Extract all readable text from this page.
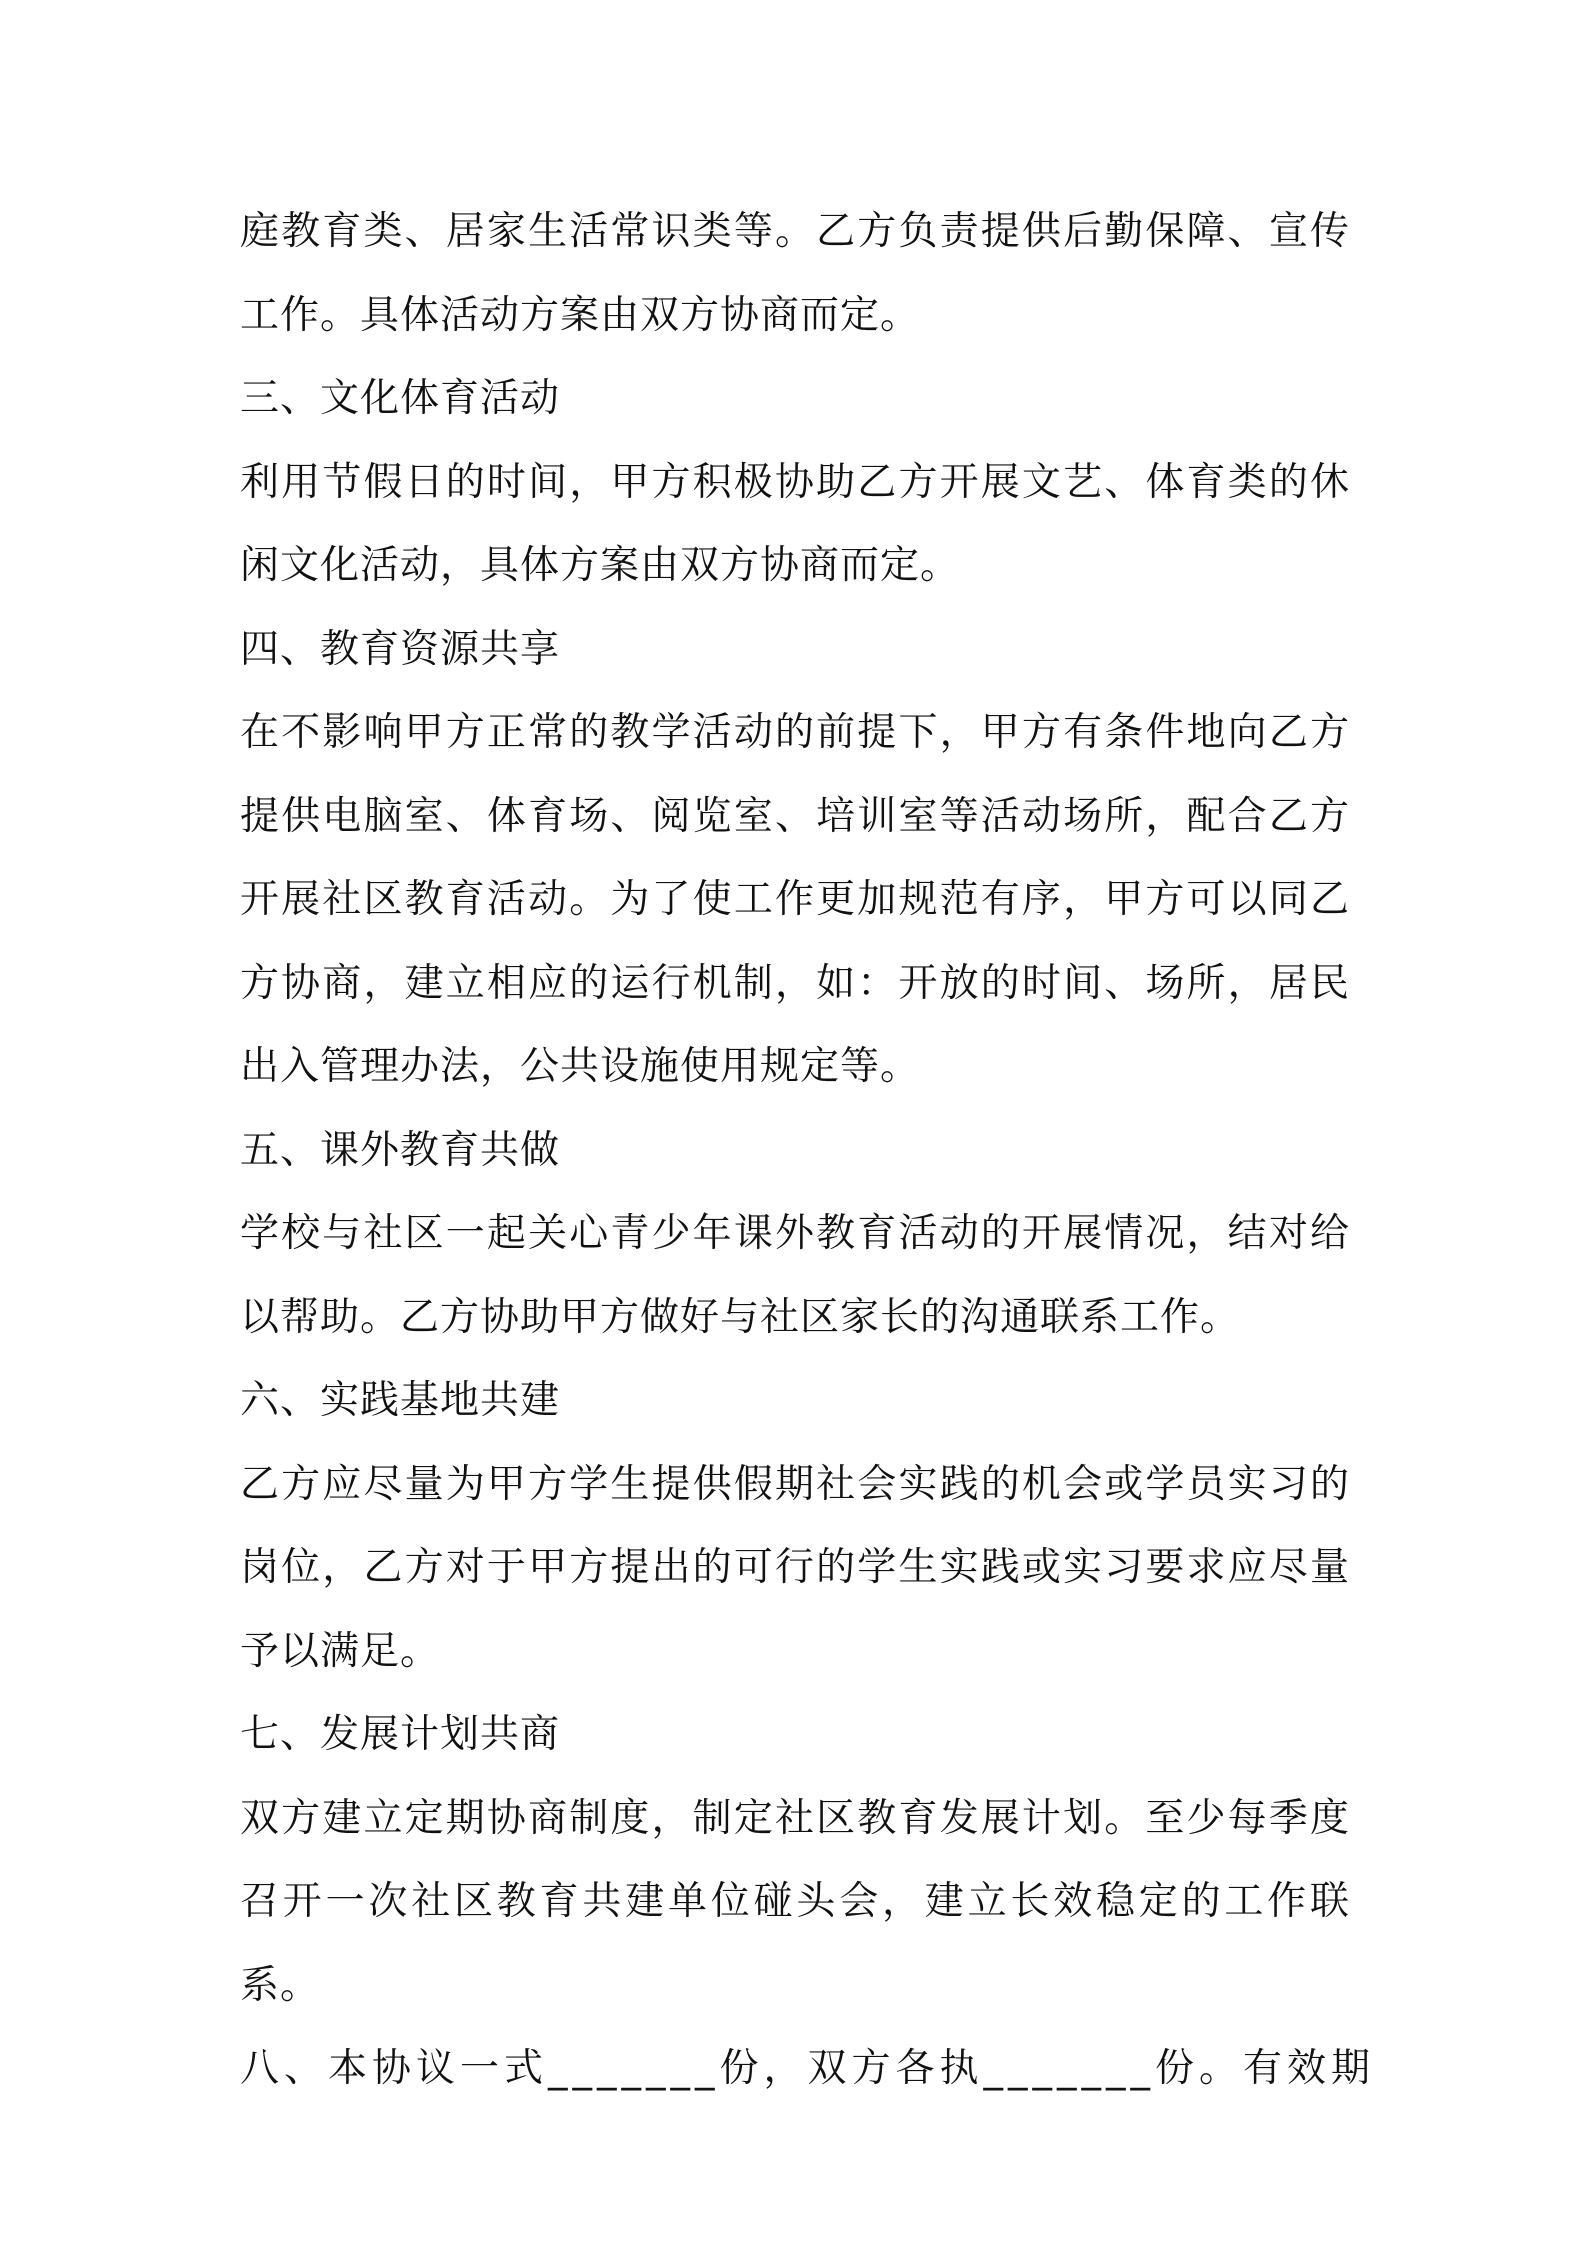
庭教育类、居家生活常识类等。乙方负责提供后勤保障、宣传工作。具体活动方案由双方协商而定。

三、文化体育活动

利用节假日的时间，甲方积极协助乙方开展文艺、体育类的休闲文化活动，具体方案由双方协商而定。

四、教育资源共享

在不影响甲方正常的教学活动的前提下，甲方有条件地向乙方提供电脑室、体育场、阅览室、培训室等活动场所，配合乙方开展社区教育活动。为了使工作更加规范有序，甲方可以同乙方协商，建立相应的运行机制，如：开放的时间、场所，居民出入管理办法，公共设施使用规定等。

五、课外教育共做

学校与社区一起关心青少年课外教育活动的开展情况，结对给以帮助。乙方协助甲方做好与社区家长的沟通联系工作。

六、实践基地共建

乙方应尽量为甲方学生提供假期社会实践的机会或学员实习的岗位，乙方对于甲方提出的可行的学生实践或实习要求应尽量予以满足。

七、发展计划共商

双方建立定期协商制度，制定社区教育发展计划。至少每季度召开一次社区教育共建单位碰头会，建立长效稳定的工作联系。

八、本协议一式_______份，双方各执_______份。有效期
